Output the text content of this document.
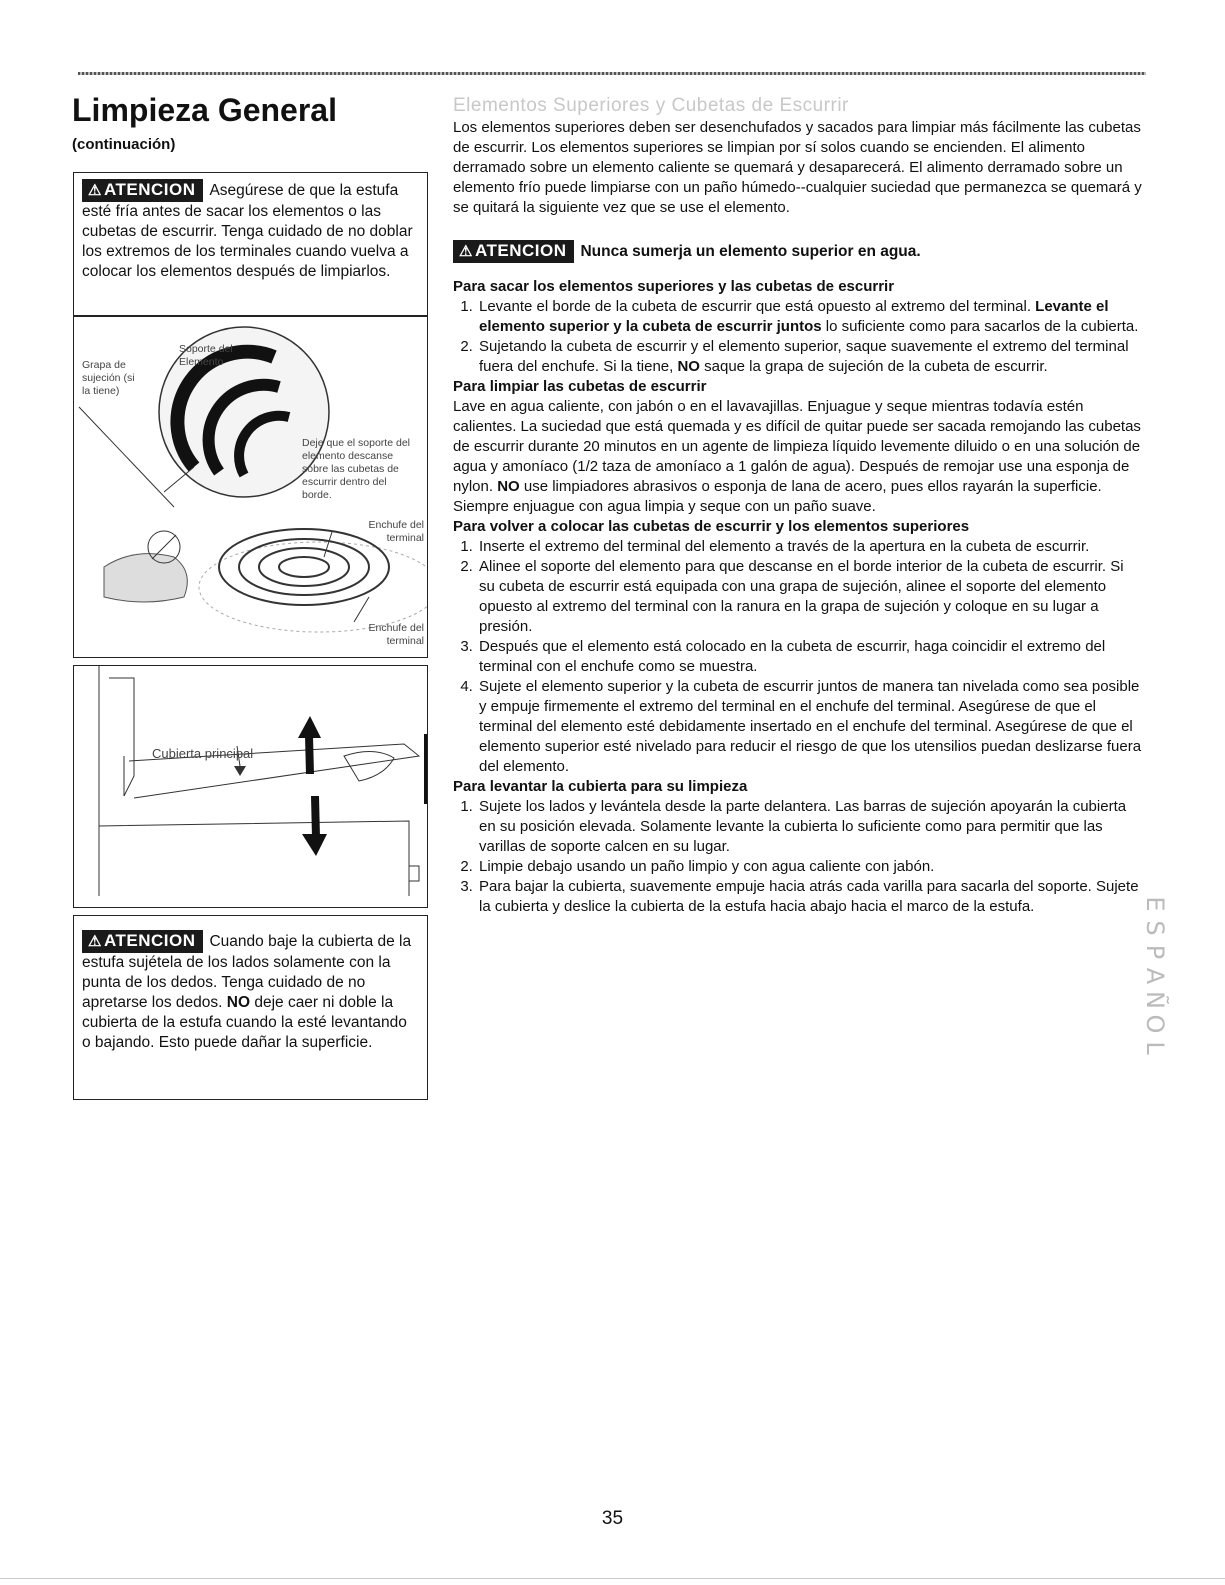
Limpieza General
(continuación)
⚠ ATENCION Asegúrese de que la estufa esté fría antes de sacar los elementos o las cubetas de escurrir. Tenga cuidado de no doblar los extremos de los terminales cuando vuelva a colocar los elementos después de limpiarlos.
Grapa de sujeción (si la tiene)
Soporte del Elemento
Deje que el soporte del elemento descanse sobre las cubetas de escurrir dentro del borde.
Enchufe del terminal
Enchufe del terminal
Cubierta principal
⚠ ATENCION Cuando baje la cubierta de la estufa sujétela de los lados solamente con la punta de los dedos. Tenga cuidado de no apretarse los dedos. NO deje caer ni doble la cubierta de la estufa cuando la esté levantando o bajando. Esto puede dañar la superficie.
Elementos Superiores y Cubetas de Escurrir

Los elementos superiores deben ser desenchufados y sacados para limpiar más fácilmente las cubetas de escurrir. Los elementos superiores se limpian por sí solos cuando se encienden. El alimento derramado sobre un elemento caliente se quemará y desaparecerá. El alimento derramado sobre un elemento frío puede limpiarse con un paño húmedo--cualquier suciedad que permanezca se quemará y se quitará la siguiente vez que se use el elemento.

⚠ ATENCION Nunca sumerja un elemento superior en agua.

Para sacar los elementos superiores y las cubetas de escurrir

1. Levante el borde de la cubeta de escurrir que está opuesto al extremo del terminal. Levante el elemento superior y la cubeta de escurrir juntos lo suficiente como para sacarlos de la cubierta.
2. Sujetando la cubeta de escurrir y el elemento superior, saque suavemente el extremo del terminal fuera del enchufe. Si la tiene, NO saque la grapa de sujeción de la cubeta de escurrir.

Para limpiar las cubetas de escurrir

Lave en agua caliente, con jabón o en el lavavajillas. Enjuague y seque mientras todavía estén calientes. La suciedad que está quemada y es difícil de quitar puede ser sacada remojando las cubetas de escurrir durante 20 minutos en un agente de limpieza líquido levemente diluido o en una solución de agua y amoníaco (1/2 taza de amoníaco a 1 galón de agua). Después de remojar use una esponja de nylon. NO use limpiadores abrasivos o esponja de lana de acero, pues ellos rayarán la superficie. Siempre enjuague con agua limpia y seque con un paño suave.

Para volver a colocar las cubetas de escurrir y los elementos superiores

1. Inserte el extremo del terminal del elemento a través de la apertura en la cubeta de escurrir.
2. Alinee el soporte del elemento para que descanse en el borde interior de la cubeta de escurrir. Si su cubeta de escurrir está equipada con una grapa de sujeción, alinee el soporte del elemento opuesto al extremo del terminal con la ranura en la grapa de sujeción y coloque en su lugar a presión.
3. Después que el elemento está colocado en la cubeta de escurrir, haga coincidir el extremo del terminal con el enchufe como se muestra.
4. Sujete el elemento superior y la cubeta de escurrir juntos de manera tan nivelada como sea posible y empuje firmemente el extremo del terminal en el enchufe del terminal. Asegúrese de que el terminal del elemento esté debidamente insertado en el enchufe del terminal. Asegúrese de que el elemento superior esté nivelado para reducir el riesgo de que los utensilios puedan deslizarse fuera del elemento.

Para levantar la cubierta para su limpieza

1. Sujete los lados y levántela desde la parte delantera. Las barras de sujeción apoyarán la cubierta en su posición elevada. Solamente levante la cubierta lo suficiente como para permitir que las varillas de soporte calcen en su lugar.
2. Limpie debajo usando un paño limpio y con agua caliente con jabón.
3. Para bajar la cubierta, suavemente empuje hacia atrás cada varilla para sacarla del soporte. Sujete la cubierta y deslice la cubierta de la estufa hacia abajo hacia el marco de la estufa.	E
S
P
A
Ñ
O
L
35
